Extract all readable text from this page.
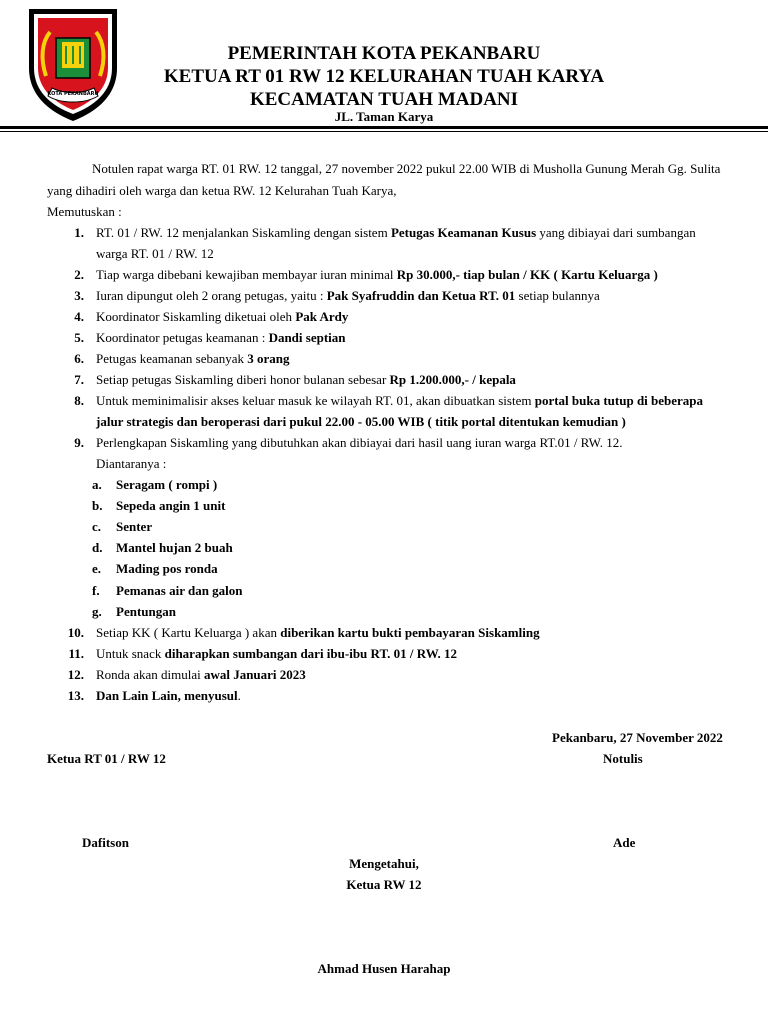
KOTA PEKANBARU
PEMERINTAH KOTA PEKANBARU
KETUA RT 01 RW 12 KELURAHAN TUAH KARYA
KECAMATAN TUAH MADANI
JL. Taman Karya
Notulen rapat warga RT. 01 RW. 12 tanggal, 27 november 2022 pukul 22.00 WIB di Musholla Gunung Merah Gg. Sulita
yang dihadiri oleh warga dan ketua RW. 12 Kelurahan Tuah Karya,
Memutuskan :
1. RT. 01 / RW. 12 menjalankan Siskamling dengan sistem Petugas Keamanan Kusus yang dibiayai dari sumbangan
warga RT. 01 / RW. 12
2. Tiap warga dibebani kewajiban membayar iuran minimal Rp 30.000,- tiap bulan / KK ( Kartu Keluarga )
3. Iuran dipungut oleh 2 orang petugas, yaitu : Pak Syafruddin dan Ketua RT. 01 setiap bulannya
4. Koordinator Siskamling diketuai oleh Pak Ardy
5. Koordinator petugas keamanan : Dandi septian
6. Petugas keamanan sebanyak 3 orang
7. Setiap petugas Siskamling diberi honor bulanan sebesar Rp 1.200.000,- / kepala
8. Untuk meminimalisir akses keluar masuk ke wilayah RT. 01, akan dibuatkan sistem portal buka tutup di beberapa
jalur strategis dan beroperasi dari pukul 22.00 - 05.00 WIB ( titik portal ditentukan kemudian )
9. Perlengkapan Siskamling yang dibutuhkan akan dibiayai dari hasil uang iuran warga RT.01 / RW. 12.
Diantaranya :
a. Seragam ( rompi )
b. Sepeda angin 1 unit
c. Senter
d. Mantel hujan 2 buah
e. Mading pos ronda
f. Pemanas air dan galon
g. Pentungan
10. Setiap KK ( Kartu Keluarga ) akan diberikan kartu bukti pembayaran Siskamling
11. Untuk snack diharapkan sumbangan dari ibu-ibu RT. 01 / RW. 12
12. Ronda akan dimulai awal Januari 2023
13. Dan Lain Lain, menyusul.
Pekanbaru, 27 November 2022
Ketua RT 01 / RW 12	Notulis
Dafitson	Ade
Mengetahui,
Ketua RW 12
Ahmad Husen Harahap
